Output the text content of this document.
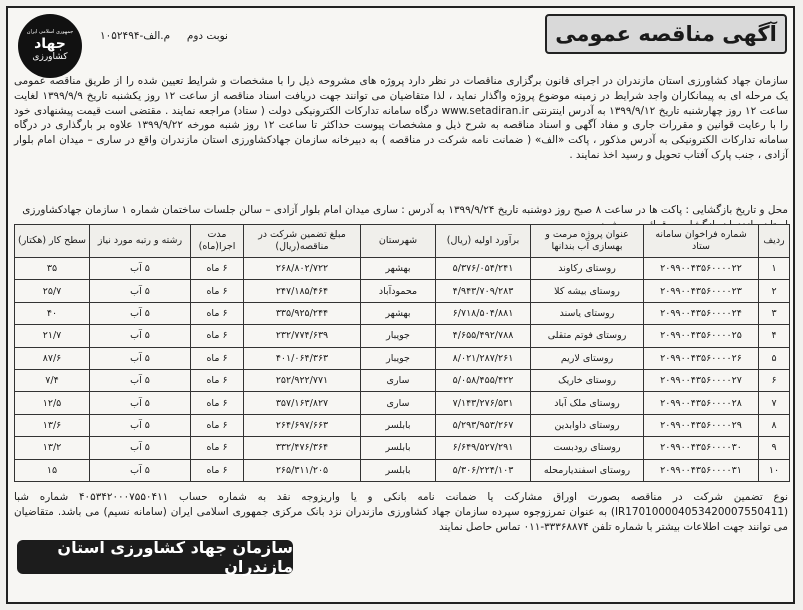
جمهوری اسلامی ایران
جهاد
کشاورزی
آگهی مناقصه عمومی
نوبت دوم     م.الف-۱۰۵۲۴۹۴
سازمان جهاد کشاورزی استان مازندران در اجرای قانون برگزاری مناقصات در نظر دارد پروژه های مشروحه ذیل را با مشخصات و شرایط تعیین شده را از طریق مناقصه عمومی یک مرحله ای به پیمانکاران واجد شرایط در زمینه موضوع پروژه واگذار نماید ، لذا متقاضیان می توانند جهت دریافت اسناد مناقصه از ساعت ۱۲ روز یکشنبه تاریخ ۱۳۹۹/۹/۹ لغایت ساعت ۱۲ روز چهارشنبه تاریخ ۱۳۹۹/۹/۱۲ به آدرس اینترنتی www.setadiran.ir درگاه سامانه تدارکات الکترونیکی دولت ( ستاد) مراجعه نمایند . مقتضی است قیمت پیشنهادی خود را با رعایت قوانین و مقررات جاری و مفاد آگهی و اسناد مناقصه به شرح ذیل و مشخصات پیوست حداکثر تا ساعت ۱۲ روز شنبه مورخه ۱۳۹۹/۹/۲۲ علاوه بر بارگذاری در درگاه سامانه تدارکات الکترونیکی به آدرس مذکور ، پاکت «الف» ( ضمانت نامه شرکت در مناقصه ) به دبیرخانه سازمان جهادکشاورزی استان مازندران واقع در ساری – میدان امام بلوار آزادی ، جنب پارک آفتاب تحویل و رسید اخذ نمایند .
محل و تاریخ بازگشایی : پاکت ها در ساعت ۸ صبح روز دوشنبه تاریخ ۱۳۹۹/۹/۲۴ به آدرس : ساری میدان امام بلوار آزادی – سالن جلسات ساختمان شماره ۱ سازمان جهادکشاورزی
ردیف	شماره فراخوان سامانه ستاد	عنوان پروژه مرمت و بهسازی آب بندانها	برآورد اولیه (ریال)	شهرستان	مبلغ تضمین شرکت در مناقصه(ریال)	مدت اجرا(ماه)	رشته و رتبه مورد نیاز	سطح کار (هکتار)
۱	۲۰۹۹۰۰۴۳۵۶۰۰۰۰۲۲	روستای رکاوند	۵/۳۷۶/۰۵۴/۲۴۱	بهشهر	۲۶۸/۸۰۲/۷۲۲	۶ ماه	۵ آب	۳۵
۲	۲۰۹۹۰۰۴۳۵۶۰۰۰۰۲۳	روستای بیشه کلا	۴/۹۴۳/۷۰۹/۲۸۳	محمودآباد	۲۴۷/۱۸۵/۴۶۴	۶ ماه	۵ آب	۲۵/۷
۳	۲۰۹۹۰۰۴۳۵۶۰۰۰۰۲۴	روستای یاسند	۶/۷۱۸/۵۰۴/۸۸۱	بهشهر	۳۳۵/۹۲۵/۲۴۴	۶ ماه	۵ آب	۴۰
۴	۲۰۹۹۰۰۴۳۵۶۰۰۰۰۲۵	روستای فوتم متقلی	۴/۶۵۵/۴۹۲/۷۸۸	جویبار	۲۳۲/۷۷۴/۶۳۹	۶ ماه	۵ آب	۲۱/۷
۵	۲۰۹۹۰۰۴۳۵۶۰۰۰۰۲۶	روستای لاریم	۸/۰۲۱/۲۸۷/۲۶۱	جویبار	۴۰۱/۰۶۴/۳۶۳	۶ ماه	۵ آب	۸۷/۶
۶	۲۰۹۹۰۰۴۳۵۶۰۰۰۰۲۷	روستای خاریک	۵/۰۵۸/۴۵۵/۴۲۲	ساری	۲۵۲/۹۲۲/۷۷۱	۶ ماه	۵ آب	۷/۴
۷	۲۰۹۹۰۰۴۳۵۶۰۰۰۰۲۸	روستای ملک آباد	۷/۱۴۳/۲۷۶/۵۳۱	ساری	۳۵۷/۱۶۳/۸۲۷	۶ ماه	۵ آب	۱۲/۵
۸	۲۰۹۹۰۰۴۳۵۶۰۰۰۰۲۹	روستای داوابدین	۵/۲۹۳/۹۵۳/۲۶۷	بابلسر	۲۶۴/۶۹۷/۶۶۳	۶ ماه	۵ آب	۱۳/۶
۹	۲۰۹۹۰۰۴۳۵۶۰۰۰۰۳۰	روستای رودبست	۶/۶۴۹/۵۲۷/۲۹۱	بابلسر	۳۳۲/۴۷۶/۳۶۴	۶ ماه	۵ آب	۱۳/۲
۱۰	۲۰۹۹۰۰۴۳۵۶۰۰۰۰۳۱	روستای اسفندیارمحله	۵/۳۰۶/۲۲۴/۱۰۳	بابلسر	۲۶۵/۳۱۱/۲۰۵	۶ ماه	۵ آب	۱۵
نوع تضمین شرکت در مناقصه بصورت اوراق مشارکت یا ضمانت نامه بانکی و یا واریزوجه نقد به شماره حساب ۴۰۵۳۴۲۰۰۰۷۵۵۰۴۱۱ شماره شبا (IR170100004053420007550411) به عنوان تمرزوجوه سپرده سازمان جهاد کشاورزی مازندران نزد بانک مرکزی جمهوری اسلامی ایران (سامانه نسیم) می باشد. متقاضیان می توانند جهت اطلاعات بیشتر با شماره تلفن ۳۳۳۶۸۸۷۴-۰۱۱ تماس حاصل نمایند
سازمان جهاد کشاورزی استان مازندران
